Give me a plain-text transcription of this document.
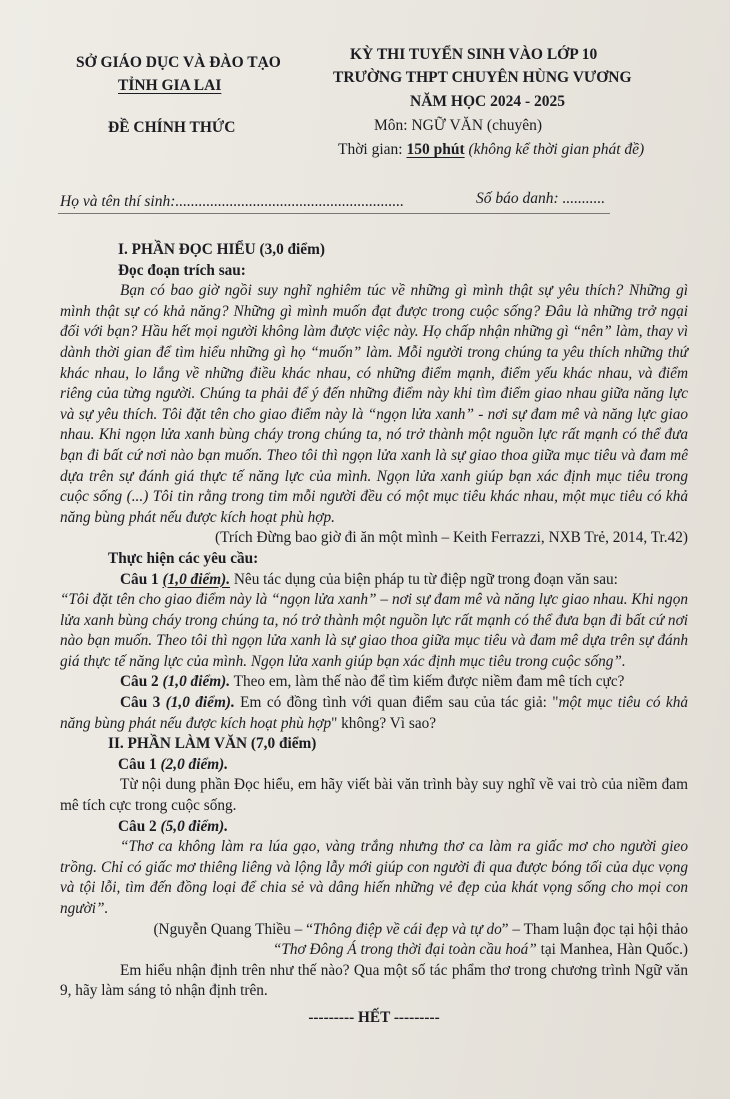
SỞ GIÁO DỤC VÀ ĐÀO TẠO
TỈNH GIA LAI
ĐỀ CHÍNH THỨC
KỲ THI TUYỂN SINH VÀO LỚP 10
TRƯỜNG THPT CHUYÊN HÙNG VƯƠNG
NĂM HỌC 2024 - 2025
Môn: NGỮ VĂN (chuyên)
Thời gian: 150 phút (không kể thời gian phát đề)
Họ và tên thí sinh:...........................................................	Số báo danh: ...........

I. PHẦN ĐỌC HIỂU (3,0 điểm)

Đọc đoạn trích sau:

Bạn có bao giờ ngồi suy nghĩ nghiêm túc về những gì mình thật sự yêu thích? Những gì mình thật sự có khả năng? Những gì mình muốn đạt được trong cuộc sống? Đâu là những trở ngại đối với bạn? Hầu hết mọi người không làm được việc này. Họ chấp nhận những gì “nên” làm, thay vì dành thời gian để tìm hiểu những gì họ “muốn” làm. Mỗi người trong chúng ta yêu thích những thứ khác nhau, lo lắng về những điều khác nhau, có những điểm mạnh, điểm yếu khác nhau, và điểm riêng của từng người. Chúng ta phải để ý đến những điểm này khi tìm điểm giao nhau giữa năng lực và sự yêu thích. Tôi đặt tên cho giao điểm này là “ngọn lửa xanh” - nơi sự đam mê và năng lực giao nhau. Khi ngọn lửa xanh bùng cháy trong chúng ta, nó trở thành một nguồn lực rất mạnh có thể đưa bạn đi bất cứ nơi nào bạn muốn. Theo tôi thì ngọn lửa xanh là sự giao thoa giữa mục tiêu và đam mê dựa trên sự đánh giá thực tế năng lực của mình. Ngọn lửa xanh giúp bạn xác định mục tiêu trong cuộc sống (...) Tôi tin rằng trong tim mỗi người đều có một mục tiêu khác nhau, một mục tiêu có khả năng bùng phát nếu được kích hoạt phù hợp.

(Trích Đừng bao giờ đi ăn một mình – Keith Ferrazzi, NXB Trẻ, 2014, Tr.42)

Thực hiện các yêu cầu:

Câu 1 (1,0 điểm). Nêu tác dụng của biện pháp tu từ điệp ngữ trong đoạn văn sau:

“Tôi đặt tên cho giao điểm này là “ngọn lửa xanh” – nơi sự đam mê và năng lực giao nhau. Khi ngọn lửa xanh bùng cháy trong chúng ta, nó trở thành một nguồn lực rất mạnh có thể đưa bạn đi bất cứ nơi nào bạn muốn. Theo tôi thì ngọn lửa xanh là sự giao thoa giữa mục tiêu và đam mê dựa trên sự đánh giá thực tế năng lực của mình. Ngọn lửa xanh giúp bạn xác định mục tiêu trong cuộc sống”.

Câu 2 (1,0 điểm). Theo em, làm thế nào để tìm kiếm được niềm đam mê tích cực?

Câu 3 (1,0 điểm). Em có đồng tình với quan điểm sau của tác giả: "một mục tiêu có khả năng bùng phát nếu được kích hoạt phù hợp" không? Vì sao?

II. PHẦN LÀM VĂN (7,0 điểm)

Câu 1 (2,0 điểm).

Từ nội dung phần Đọc hiểu, em hãy viết bài văn trình bày suy nghĩ về vai trò của niềm đam mê tích cực trong cuộc sống.

Câu 2 (5,0 điểm).

“Thơ ca không làm ra lúa gạo, vàng trắng nhưng thơ ca làm ra giấc mơ cho người gieo trồng. Chỉ có giấc mơ thiêng liêng và lộng lẫy mới giúp con người đi qua được bóng tối của dục vọng và tội lỗi, tìm đến đồng loại để chia sẻ và dâng hiến những vẻ đẹp của khát vọng sống cho mọi con người”.

(Nguyễn Quang Thiều – “Thông điệp về cái đẹp và tự do” – Tham luận đọc tại hội thảo
“Thơ Đông Á trong thời đại toàn cầu hoá” tại Manhea, Hàn Quốc.)

Em hiểu nhận định trên như thế nào? Qua một số tác phẩm thơ trong chương trình Ngữ văn 9, hãy làm sáng tỏ nhận định trên.

--------- HẾT ---------
